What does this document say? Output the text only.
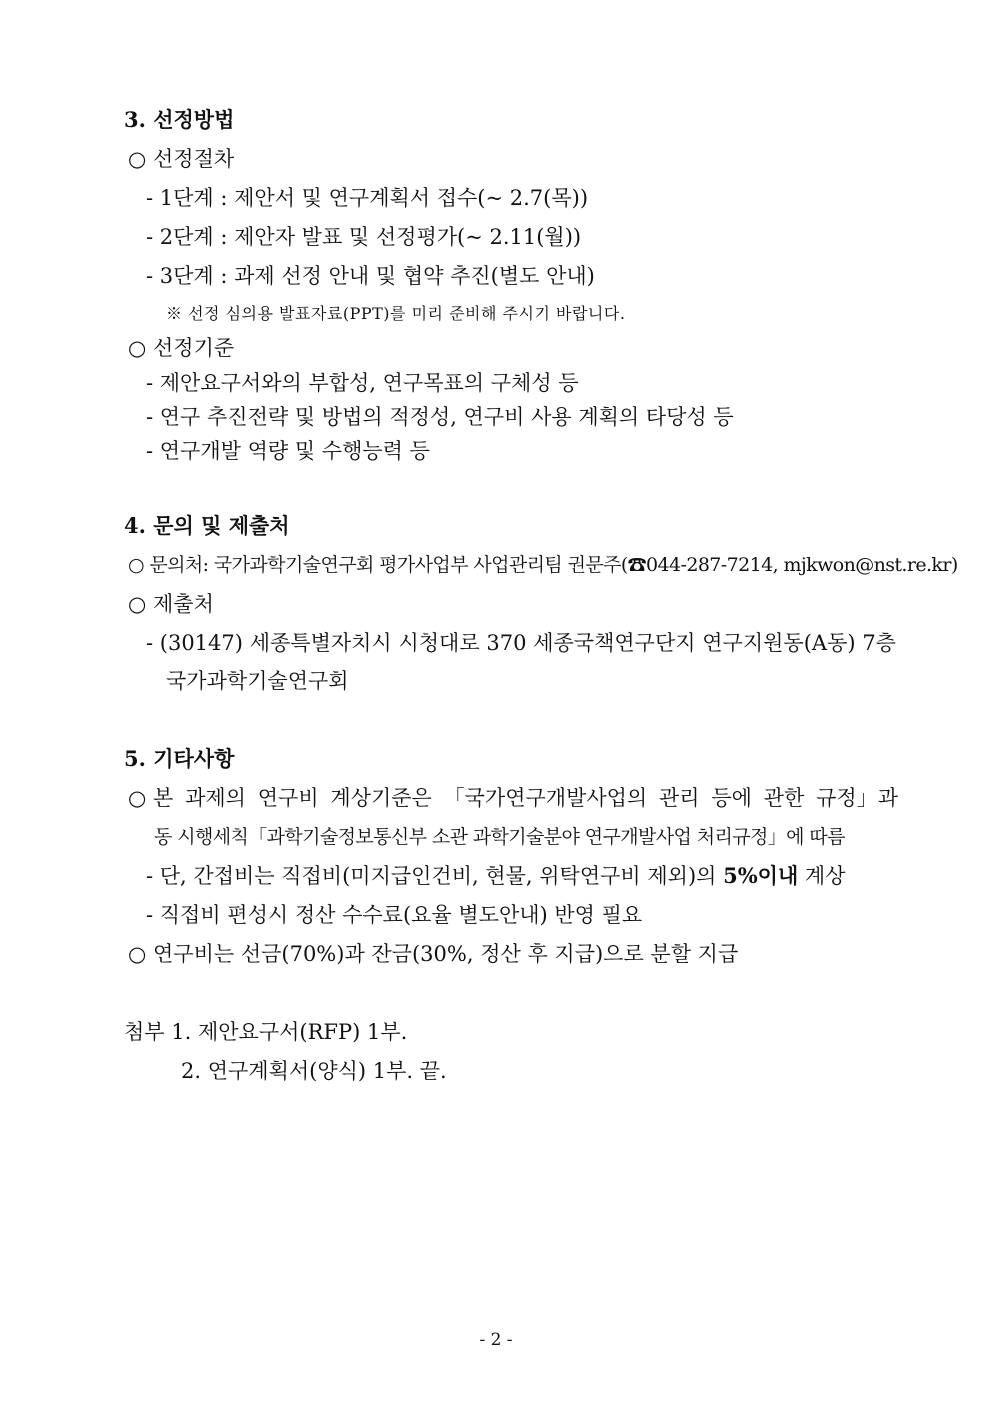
3. 선정방법
○ 선정절차
- 1단계 : 제안서 및 연구계획서 접수(~ 2.7(목))
- 2단계 : 제안자 발표 및 선정평가(~ 2.11(월))
- 3단계 : 과제 선정 안내 및 협약 추진(별도 안내)
※ 선정 심의용 발표자료(PPT)를 미리 준비해 주시기 바랍니다.
○ 선정기준
- 제안요구서와의 부합성, 연구목표의 구체성 등
- 연구 추진전략 및 방법의 적정성, 연구비 사용 계획의 타당성 등
- 연구개발 역량 및 수행능력 등
4. 문의 및 제출처
○ 문의처: 국가과학기술연구회 평가사업부 사업관리팀 권문주(☎044-287-7214, mjkwon@nst.re.kr)
○ 제출처
- (30147) 세종특별자치시 시청대로 370 세종국책연구단지 연구지원동(A동) 7층
국가과학기술연구회
5. 기타사항
○ 본 과제의 연구비 계상기준은 「국가연구개발사업의 관리 등에 관한 규정」과
동 시행세칙「과학기술정보통신부 소관 과학기술분야 연구개발사업 처리규정」에 따름
- 단, 간접비는 직접비(미지급인건비, 현물, 위탁연구비 제외)의 5%이내 계상
- 직접비 편성시 정산 수수료(요율 별도안내) 반영 필요
○ 연구비는 선금(70%)과 잔금(30%, 정산 후 지급)으로 분할 지급
첨부 1. 제안요구서(RFP) 1부.
2. 연구계획서(양식) 1부. 끝.
- 2 -
